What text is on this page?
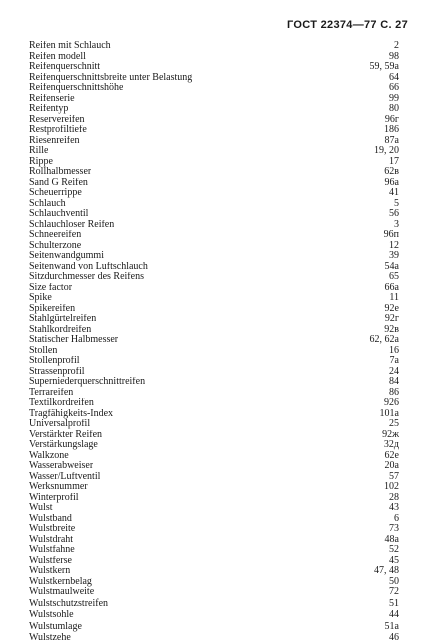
ГОСТ 22374—77 С. 27
Reifen mit Schlauch	2
Reifen modell	98
Reifenquerschnitt	59, 59a
Reifenquerschnittsbreite unter Belastung	64
Reifenquerschnittshöhe	66
Reifenserie	99
Reifentyp	80
Reservereifen	96г
Restprofiltiefe	186
Riesenreifen	87a
Rille	19, 20
Rippe	17
Rollhalbmesser	62в
Sand G Reifen	96a
Scheuerrippe	41
Schlauch	5
Schlauchventil	56
Schlauchloser Reifen	3
Schneereifen	96п
Schulterzone	12
Seitenwandgummi	39
Seitenwand von Luftschlauch	54a
Sitzdurchmesser des Reifens	65
Size factor	66a
Spike	11
Spikereifen	92e
Stahlgürtelreifen	92г
Stahlkordreifen	92в
Statischer Halbmesser	62, 62a
Stollen	16
Stollenprofil	7a
Strassenprofil	24
Superniederquerschnittreifen	84
Terrareifen	86
Textilkordreifen	926
Tragfähigkeits-Index	101a
Universalprofil	25
Verstärkter Reifen	92ж
Verstärkungslage	32д
Walkzone	62e
Wasserabweiser	20a
Wasser/Luftventil	57
Werksnummer	102
Winterprofil	28
Wulst	43
Wulstband	6
Wulstbreite	73
Wulstdraht	48a
Wulstfahne	52
Wulstferse	45
Wulstkern	47, 48
Wulstkernbelag	50
Wulstmaulweite	72
Wulstschutzstreifen	51
Wulstsohle	44
Wulstumlage	51a
Wulstzehe	46
